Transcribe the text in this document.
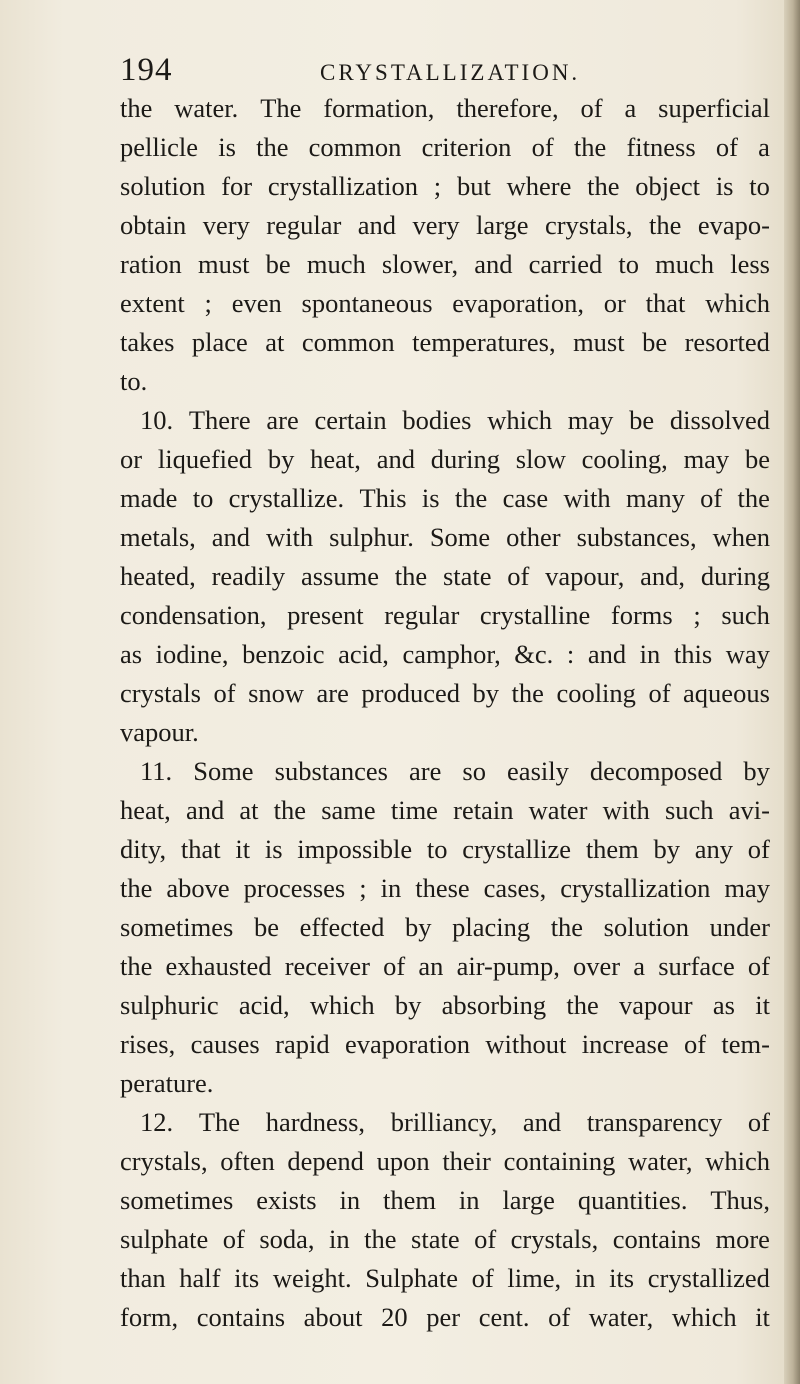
194	CRYSTALLIZATION.
the water. The formation, therefore, of a superficial
pellicle is the common criterion of the fitness of a
solution for crystallization ; but where the object is to
obtain very regular and very large crystals, the evapo-
ration must be much slower, and carried to much less
extent ; even spontaneous evaporation, or that which
takes place at common temperatures, must be resorted
to.
10. There are certain bodies which may be dissolved
or liquefied by heat, and during slow cooling, may be
made to crystallize. This is the case with many of the
metals, and with sulphur. Some other substances, when
heated, readily assume the state of vapour, and, during
condensation, present regular crystalline forms ; such
as iodine, benzoic acid, camphor, &c. : and in this way
crystals of snow are produced by the cooling of aqueous
vapour.
11. Some substances are so easily decomposed by
heat, and at the same time retain water with such avi-
dity, that it is impossible to crystallize them by any of
the above processes ; in these cases, crystallization may
sometimes be effected by placing the solution under
the exhausted receiver of an air-pump, over a surface of
sulphuric acid, which by absorbing the vapour as it
rises, causes rapid evaporation without increase of tem-
perature.
12. The hardness, brilliancy, and transparency of
crystals, often depend upon their containing water, which
sometimes exists in them in large quantities. Thus,
sulphate of soda, in the state of crystals, contains more
than half its weight. Sulphate of lime, in its crystallized
form, contains about 20 per cent. of water, which it
